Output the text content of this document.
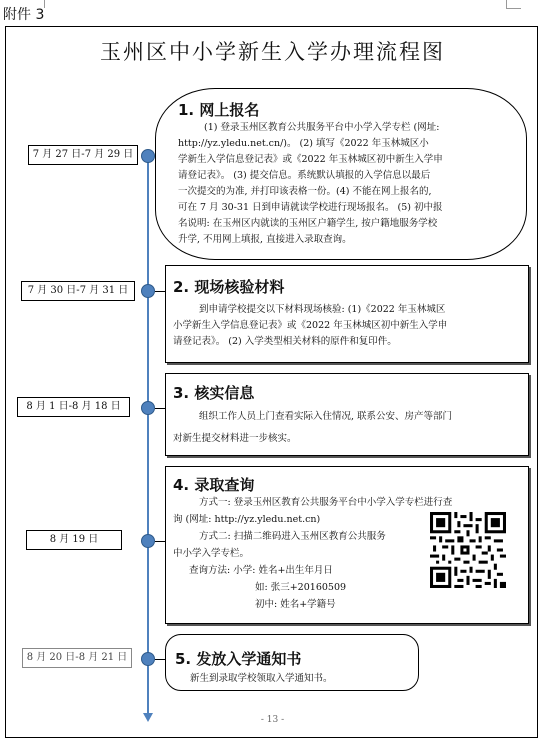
附件 3
玉州区中小学新生入学办理流程图
7 月 27 日-7 月 29 日
1. 网上报名
(1) 登录玉州区教育公共服务平台中小学入学专栏 (网址:
http://yz.yledu.net.cn/)。 (2) 填写《2022 年玉林城区小
学新生入学信息登记表》或《2022 年玉林城区初中新生入学申
请登记表》。 (3) 提交信息。系统默认填报的入学信息以最后
一次提交的为准, 并打印该表格一份。(4) 不能在网上报名的,
可在 7 月 30-31 日到申请就读学校进行现场报名。 (5) 初中报
名说明: 在玉州区内就读的玉州区户籍学生, 按户籍地服务学校
升学, 不用网上填报, 直接进入录取查询。
7 月 30 日-7 月 31 日	2. 现场核验材料
到申请学校提交以下材料现场核验: (1)《2022 年玉林城区
小学新生入学信息登记表》或《2022 年玉林城区初中新生入学申
请登记表》。 (2) 入学类型相关材料的原件和复印件。
8 月 1 日-8 月 18 日
3. 核实信息
组织工作人员上门查看实际入住情况, 联系公安、房产等部门
对新生提交材料进一步核实。
8 月 19 日
4. 录取查询
方式一: 登录玉州区教育公共服务平台中小学入学专栏进行查
询 (网址: http://yz.yledu.net.cn)
方式二: 扫描二维码进入玉州区教育公共服务
中小学入学专栏。
查询方法: 小学: 姓名+出生年月日
如: 张三+20160509
初中: 姓名+学籍号
8 月 20 日-8 月 21 日	5. 发放入学通知书
新生到录取学校领取入学通知书。
- 13 -
